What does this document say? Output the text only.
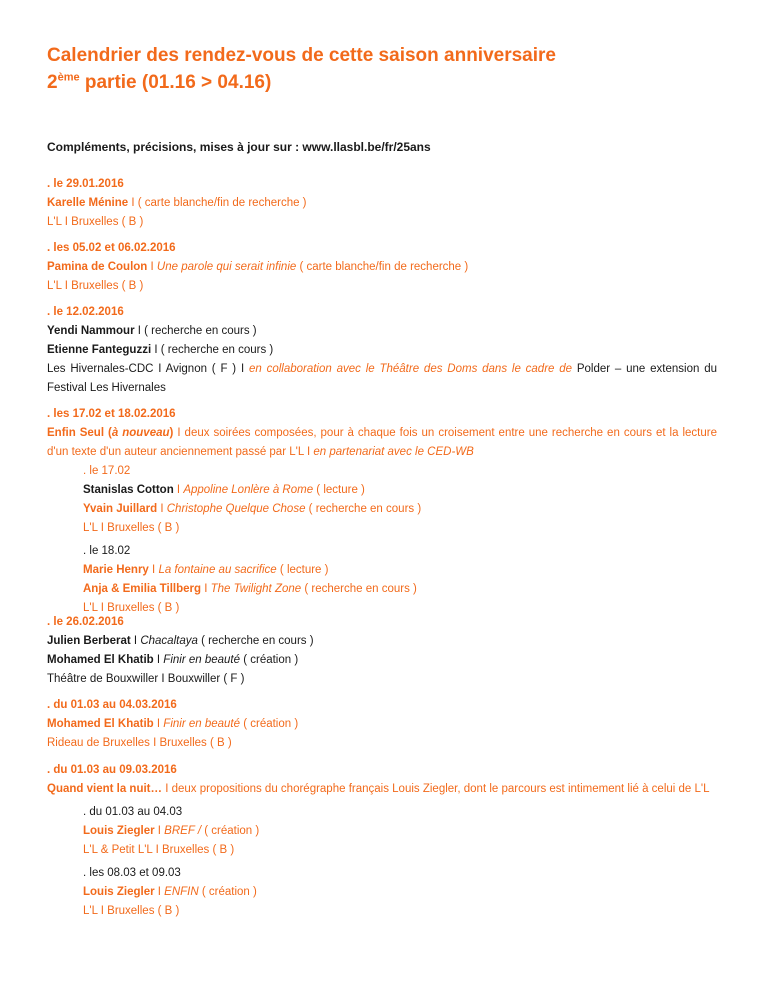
Calendrier des rendez-vous de cette saison anniversaire
2ème partie (01.16 > 04.16)
Compléments, précisions, mises à jour sur : www.llasbl.be/fr/25ans
. le 29.01.2016
Karelle Ménine I ( carte blanche/fin de recherche )
L'L I Bruxelles ( B )
. les 05.02 et 06.02.2016
Pamina de Coulon I Une parole qui serait infinie ( carte blanche/fin de recherche )
L'L I Bruxelles ( B )
. le 12.02.2016
Yendi Nammour I ( recherche en cours )
Etienne Fanteguzzi I ( recherche en cours )
Les Hivernales-CDC I Avignon ( F ) I en collaboration avec le Théâtre des Doms dans le cadre de Polder – une extension du Festival Les Hivernales
. les 17.02 et 18.02.2016
Enfin Seul (à nouveau) I deux soirées composées, pour à chaque fois un croisement entre une recherche en cours et la lecture d'un texte d'un auteur anciennement passé par L'L I en partenariat avec le CED-WB
. le 17.02
Stanislas Cotton I Appoline Lonlère à Rome ( lecture )
Yvain Juillard I Christophe Quelque Chose ( recherche en cours )
L'L I Bruxelles ( B )
. le 18.02
Marie Henry I La fontaine au sacrifice ( lecture )
Anja & Emilia Tillberg I The Twilight Zone ( recherche en cours )
L'L I Bruxelles ( B )
. le 26.02.2016
Julien Berberat I Chacaltaya ( recherche en cours )
Mohamed El Khatib I Finir en beauté ( création )
Théâtre de Bouxwiller I Bouxwiller ( F )
. du 01.03 au 04.03.2016
Mohamed El Khatib I Finir en beauté ( création )
Rideau de Bruxelles I Bruxelles ( B )
. du 01.03 au 09.03.2016
Quand vient la nuit… I deux propositions du chorégraphe français Louis Ziegler, dont le parcours est intimement lié à celui de L'L
. du 01.03 au 04.03
Louis Ziegler I BREF / ( création )
L'L & Petit L'L I Bruxelles ( B )
. les 08.03 et 09.03
Louis Ziegler I ENFIN ( création )
L'L I Bruxelles ( B )
